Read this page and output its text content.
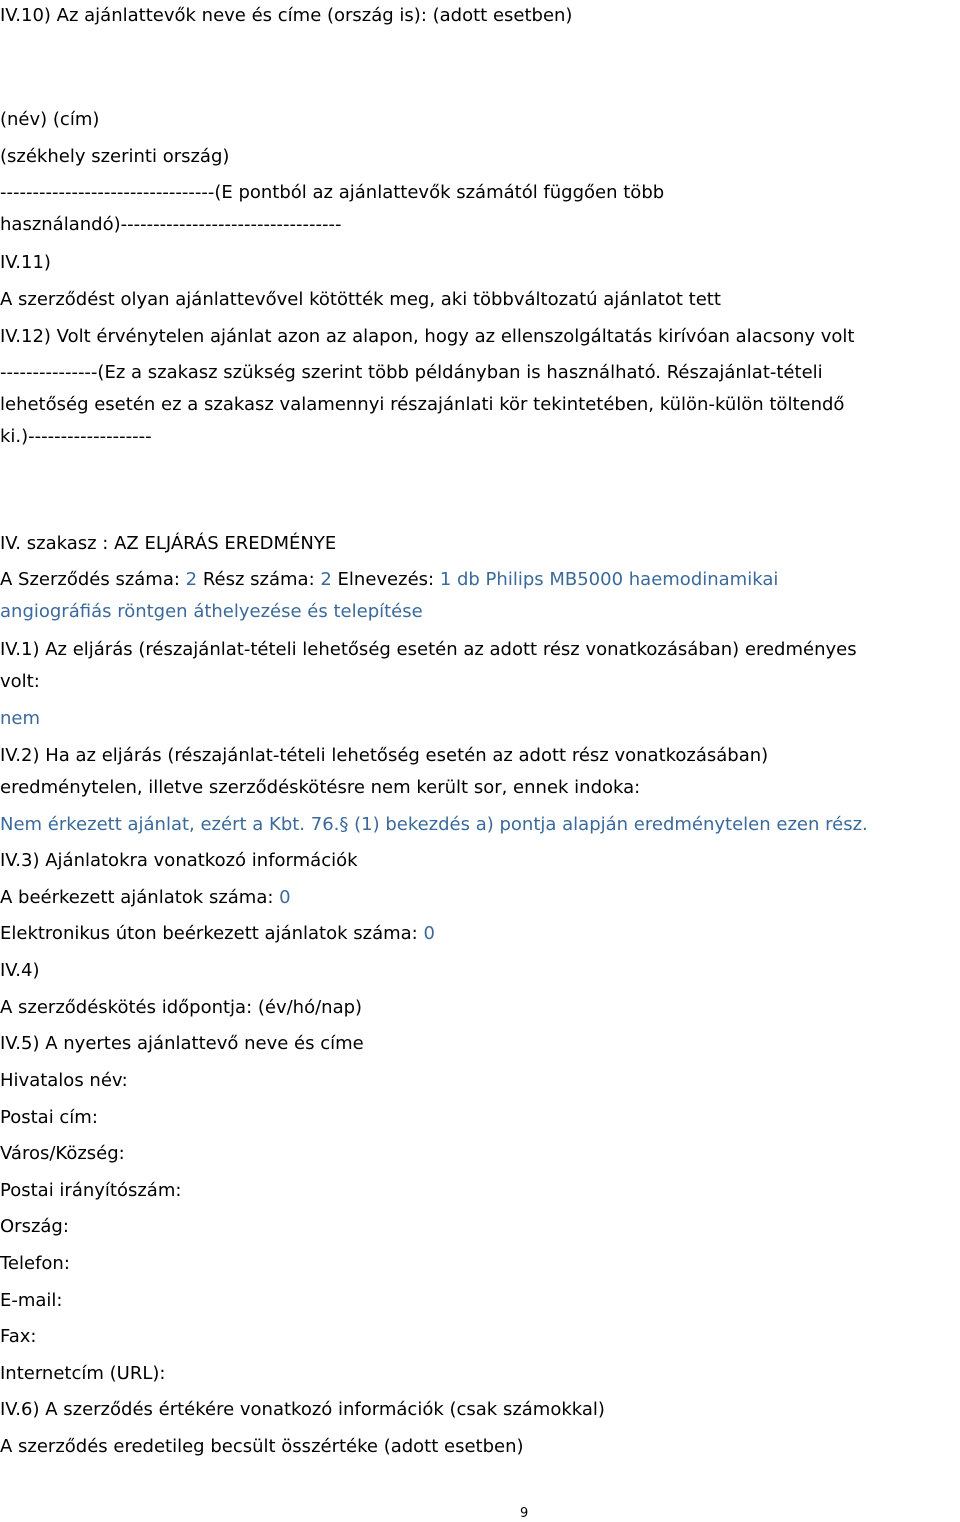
IV.10) Az ajánlattevők neve és címe (ország is): (adott esetben)
(név) (cím)
(székhely szerinti ország)
---------------------------------(E pontból az ajánlattevők számától függően több
használandó)----------------------------------
IV.11)
A szerződést olyan ajánlattevővel kötötték meg, aki többváltozatú ajánlatot tett
IV.12) Volt érvénytelen ajánlat azon az alapon, hogy az ellenszolgáltatás kirívóan alacsony volt
---------------(Ez a szakasz szükség szerint több példányban is használható. Részajánlat-tételi
lehetőség esetén ez a szakasz valamennyi részajánlati kör tekintetében, külön-külön töltendő
ki.)-------------------
IV. szakasz : AZ ELJÁRÁS EREDMÉNYE
A Szerződés száma: 2 Rész száma: 2 Elnevezés: 1 db Philips MB5000 haemodinamikai
angiográfiás röntgen áthelyezése és telepítése
IV.1) Az eljárás (részajánlat-tételi lehetőség esetén az adott rész vonatkozásában) eredményes
volt:
nem
IV.2) Ha az eljárás (részajánlat-tételi lehetőség esetén az adott rész vonatkozásában)
eredménytelen, illetve szerződéskötésre nem került sor, ennek indoka:
Nem érkezett ajánlat, ezért a Kbt. 76.§ (1) bekezdés a) pontja alapján eredménytelen ezen rész.
IV.3) Ajánlatokra vonatkozó információk
A beérkezett ajánlatok száma: 0
Elektronikus úton beérkezett ajánlatok száma: 0
IV.4)
A szerződéskötés időpontja: (év/hó/nap)
IV.5) A nyertes ajánlattevő neve és címe
Hivatalos név:
Postai cím:
Város/Község:
Postai irányítószám:
Ország:
Telefon:
E-mail:
Fax:
Internetcím (URL):
IV.6) A szerződés értékére vonatkozó információk (csak számokkal)
A szerződés eredetileg becsült összértéke (adott esetben)
9
